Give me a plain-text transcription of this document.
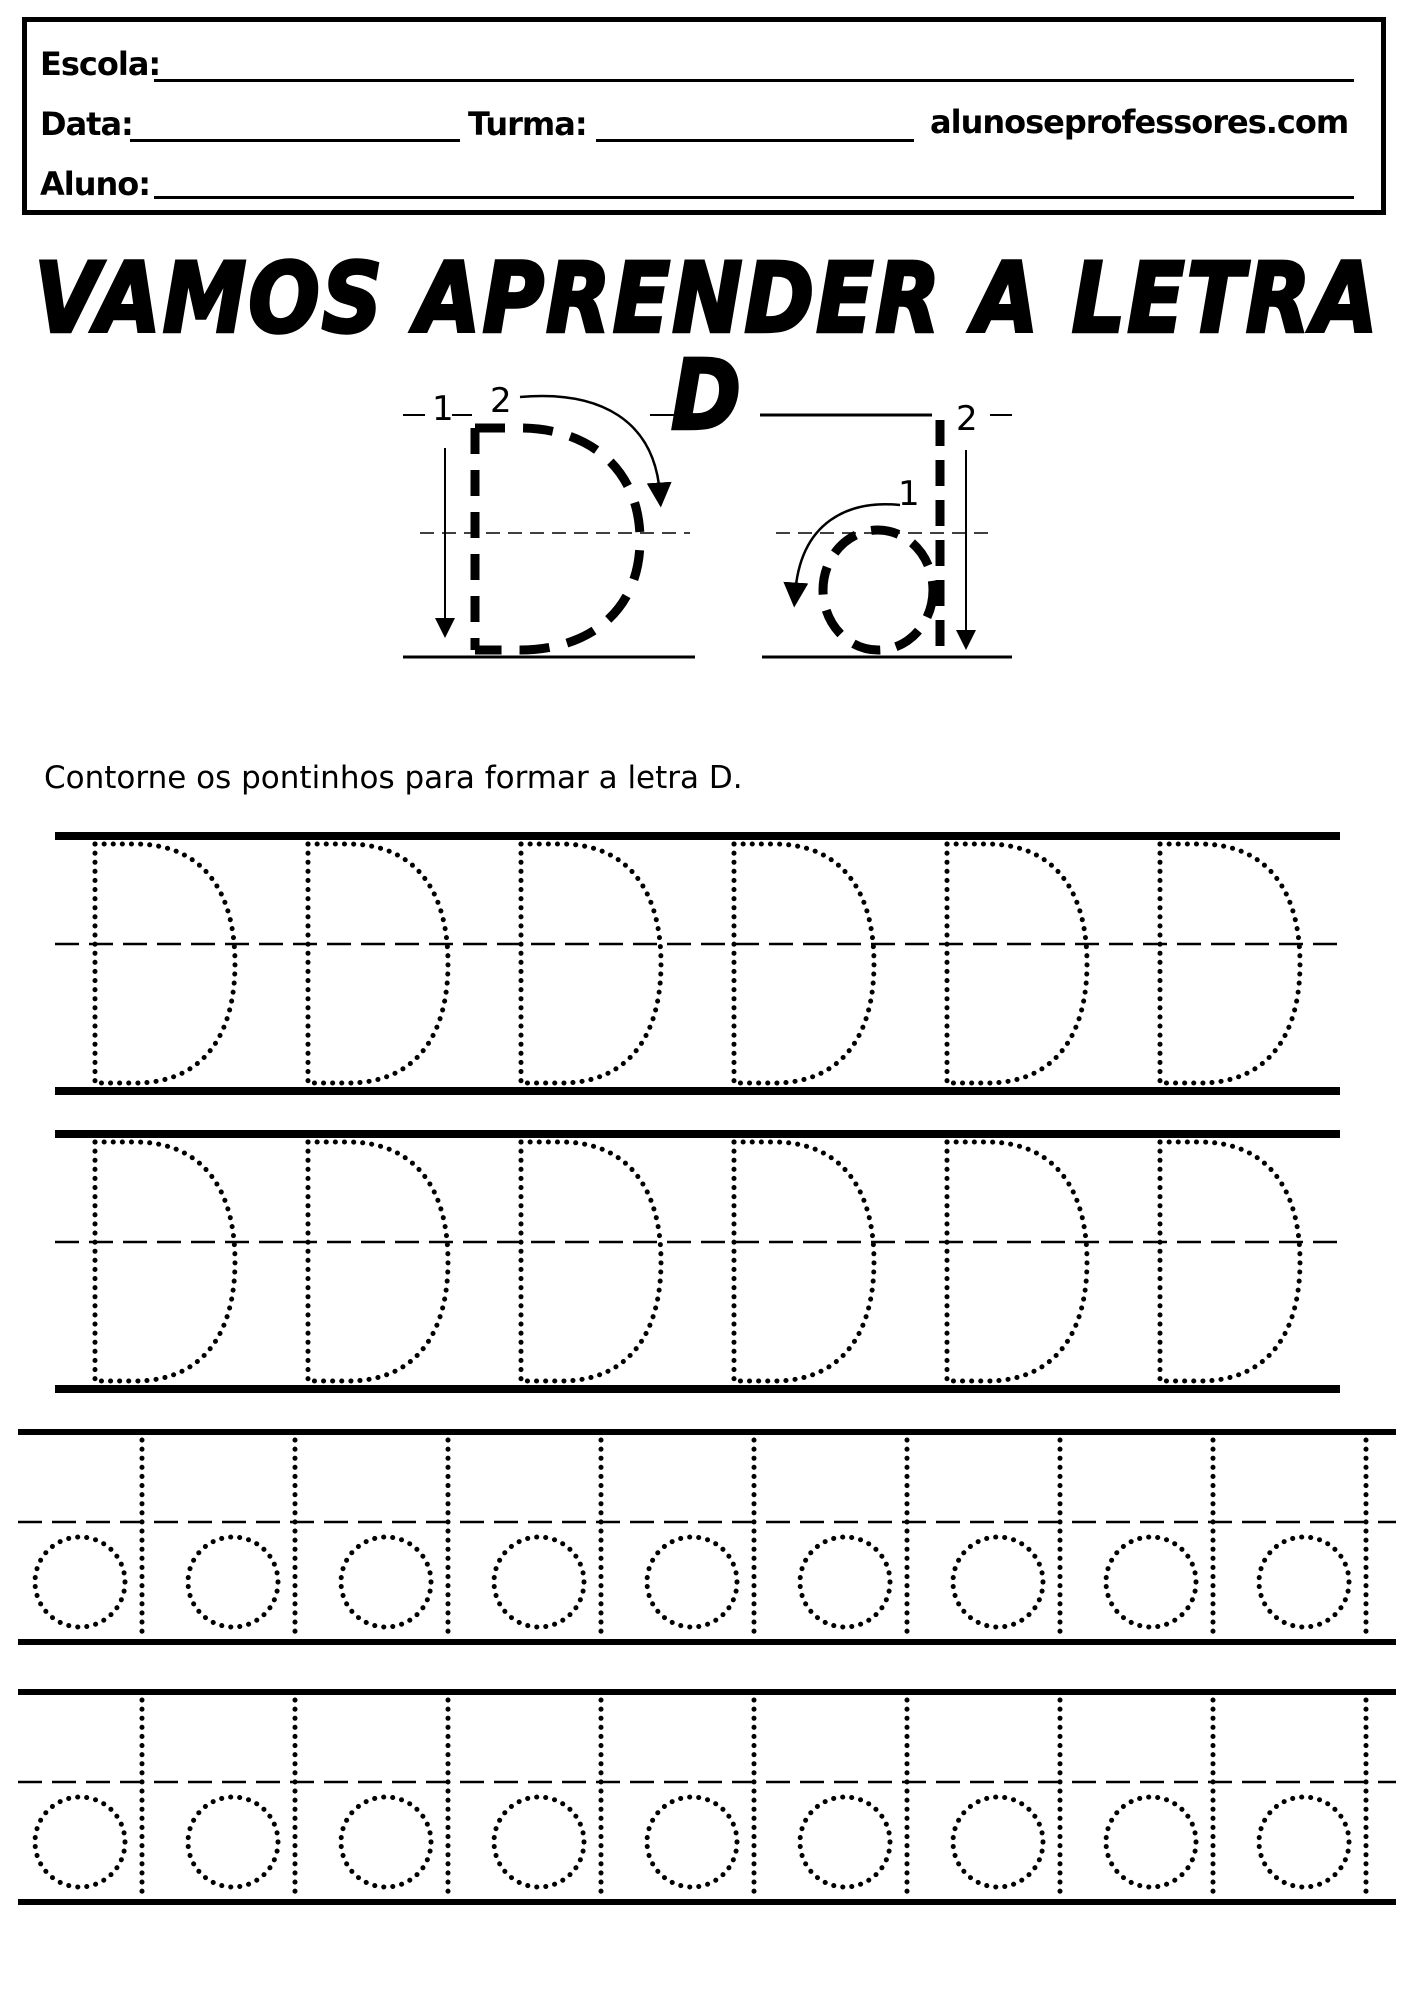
Escola:
Data:	Turma:	alunoseprofessores.com
Aluno:
VAMOS APRENDER A LETRA D
1 2
1
2
Contorne os pontinhos para formar a letra D.
